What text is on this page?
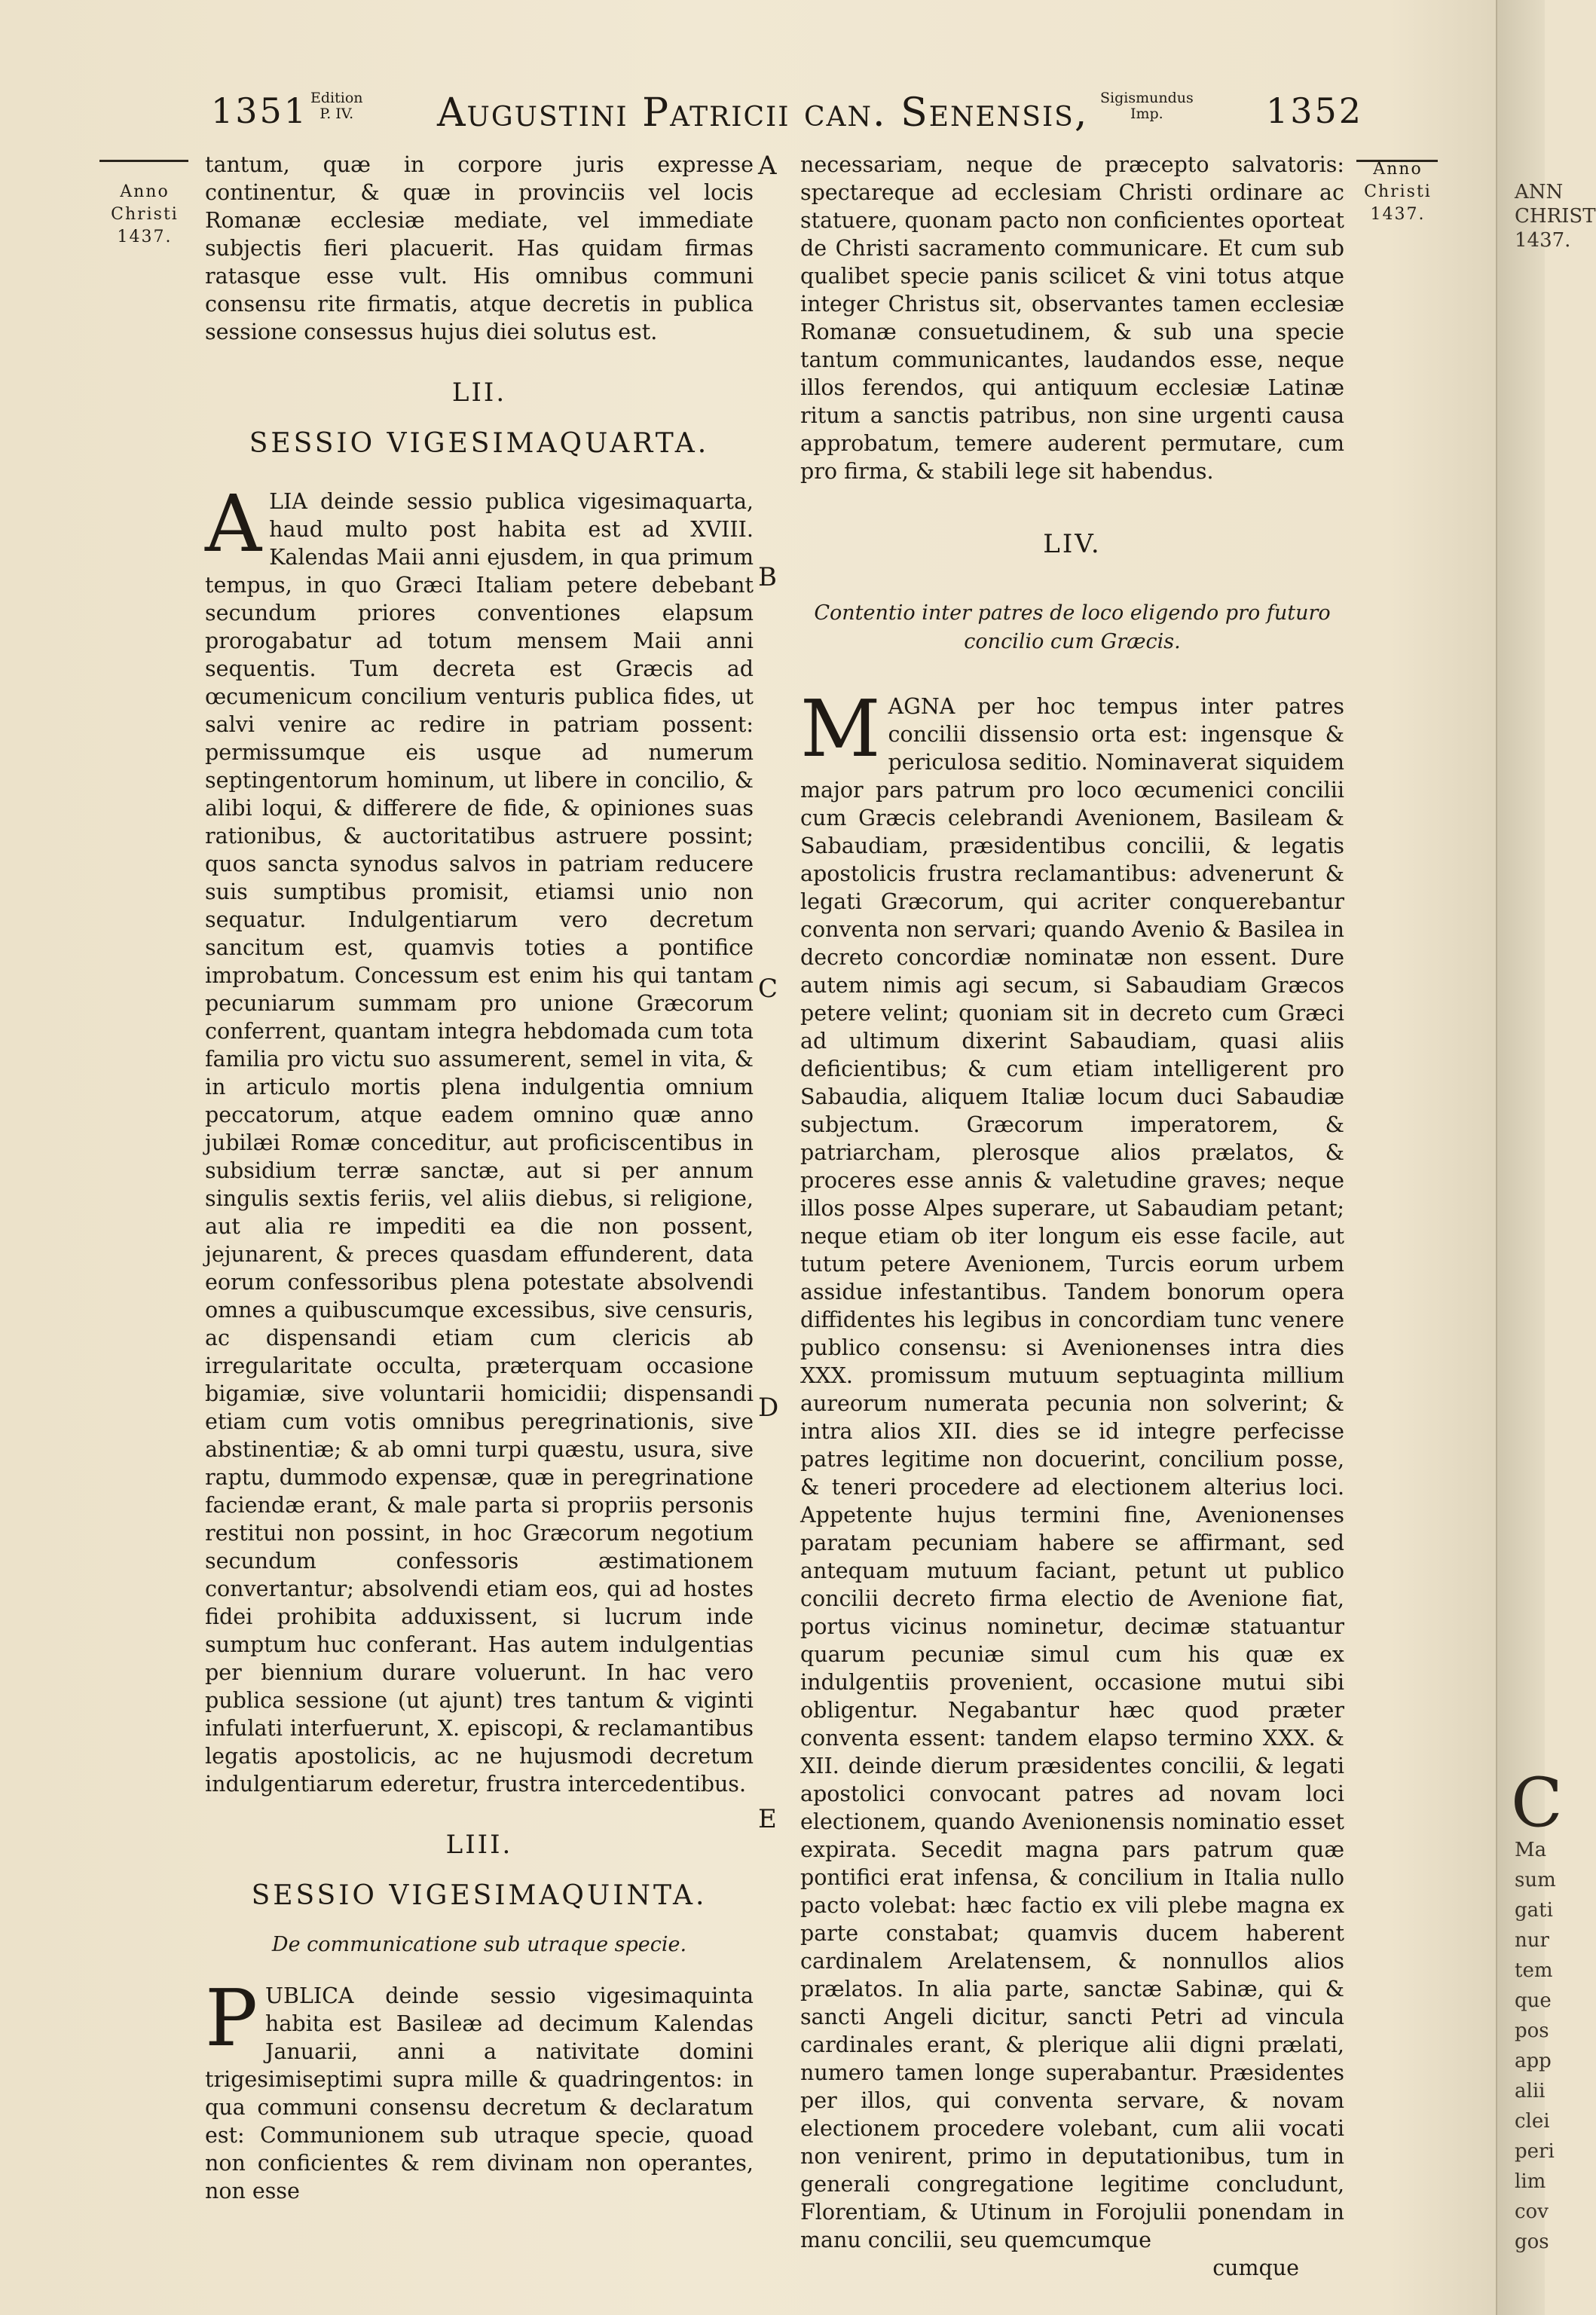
ANN
CHRIST
1437.
C
Ma
sum
gati
nur
tem
que
pos
app
alii
clei
peri
lim
cov
gos
1351 Edition
P. IV. Augustini Patricii can. Senensis, Sigismundus
Imp.	1352
Anno
Christi
1437.
Anno
Christi
1437.
A
B
C
D
E

tantum, quæ in corpore juris expresse continentur, & quæ in provinciis vel locis Romanæ ecclesiæ mediate, vel immediate subjectis fieri placuerit. Has quidam firmas ratasque esse vult. His omnibus communi consensu rite firmatis, atque decretis in publica sessione consessus hujus diei solutus est.

LII.
SESSIO VIGESIMAQUARTA.

ALIA deinde sessio publica vigesimaquarta, haud multo post habita est ad XVIII. Kalendas Maii anni ejusdem, in qua primum tempus, in quo Græci Italiam petere debebant secundum priores conventiones elapsum prorogabatur ad totum mensem Maii anni sequentis. Tum decreta est Græcis ad œcumenicum concilium venturis publica fides, ut salvi venire ac redire in patriam possent: permissumque eis usque ad numerum septingentorum hominum, ut libere in concilio, & alibi loqui, & differere de fide, & opiniones suas rationibus, & auctoritatibus astruere possint; quos sancta synodus salvos in patriam reducere suis sumptibus promisit, etiamsi unio non sequatur. Indulgentiarum vero decretum sancitum est, quamvis toties a pontifice improbatum. Concessum est enim his qui tantam pecuniarum summam pro unione Græcorum conferrent, quantam integra hebdomada cum tota familia pro victu suo assumerent, semel in vita, & in articulo mortis plena indulgentia omnium peccatorum, atque eadem omnino quæ anno jubilæi Romæ conceditur, aut proficiscentibus in subsidium terræ sanctæ, aut si per annum singulis sextis feriis, vel aliis diebus, si religione, aut alia re impediti ea die non possent, jejunarent, & preces quasdam effunderent, data eorum confessoribus plena potestate absolvendi omnes a quibuscumque excessibus, sive censuris, ac dispensandi etiam cum clericis ab irregularitate occulta, præterquam occasione bigamiæ, sive voluntarii homicidii; dispensandi etiam cum votis omnibus peregrinationis, sive abstinentiæ; & ab omni turpi quæstu, usura, sive raptu, dummodo expensæ, quæ in peregrinatione faciendæ erant, & male parta si propriis personis restitui non possint, in hoc Græcorum negotium secundum confessoris æstimationem convertantur; absolvendi etiam eos, qui ad hostes fidei prohibita adduxissent, si lucrum inde sumptum huc conferant. Has autem indulgentias per biennium durare voluerunt. In hac vero publica sessione (ut ajunt) tres tantum & viginti infulati interfuerunt, X. episcopi, & reclamantibus legatis apostolicis, ac ne hujusmodi decretum indulgentiarum ederetur, frustra intercedentibus.

LIII.
SESSIO VIGESIMAQUINTA.
De communicatione sub utraque specie.

PUBLICA deinde sessio vigesimaquinta habita est Basileæ ad decimum Kalendas Januarii, anni a nativitate domini trigesimiseptimi supra mille & quadringentos: in qua communi consensu decretum & declaratum est: Communionem sub utraque specie, quoad non conficientes & rem divinam non operantes, non esse

necessariam, neque de præcepto salvatoris: spectareque ad ecclesiam Christi ordinare ac statuere, quonam pacto non conficientes oporteat de Christi sacramento communicare. Et cum sub qualibet specie panis scilicet & vini totus atque integer Christus sit, observantes tamen ecclesiæ Romanæ consuetudinem, & sub una specie tantum communicantes, laudandos esse, neque illos ferendos, qui antiquum ecclesiæ Latinæ ritum a sanctis patribus, non sine urgenti causa approbatum, temere auderent permutare, cum pro firma, & stabili lege sit habendus.

LIV.
Contentio inter patres de loco eligendo pro futuro concilio cum Græcis.

MAGNA per hoc tempus inter patres concilii dissensio orta est: ingensque & periculosa seditio. Nominaverat siquidem major pars patrum pro loco œcumenici concilii cum Græcis celebrandi Avenionem, Basileam & Sabaudiam, præsidentibus concilii, & legatis apostolicis frustra reclamantibus: advenerunt & legati Græcorum, qui acriter conquerebantur conventa non servari; quando Avenio & Basilea in decreto concordiæ nominatæ non essent. Dure autem nimis agi secum, si Sabaudiam Græcos petere velint; quoniam sit in decreto cum Græci ad ultimum dixerint Sabaudiam, quasi aliis deficientibus; & cum etiam intelligerent pro Sabaudia, aliquem Italiæ locum duci Sabaudiæ subjectum. Græcorum imperatorem, & patriarcham, plerosque alios prælatos, & proceres esse annis & valetudine graves; neque illos posse Alpes superare, ut Sabaudiam petant; neque etiam ob iter longum eis esse facile, aut tutum petere Avenionem, Turcis eorum urbem assidue infestantibus. Tandem bonorum opera diffidentes his legibus in concordiam tunc venere publico consensu: si Avenionenses intra dies XXX. promissum mutuum septuaginta millium aureorum numerata pecunia non solverint; & intra alios XII. dies se id integre perfecisse patres legitime non docuerint, concilium posse, & teneri procedere ad electionem alterius loci. Appetente hujus termini fine, Avenionenses paratam pecuniam habere se affirmant, sed antequam mutuum faciant, petunt ut publico concilii decreto firma electio de Avenione fiat, portus vicinus nominetur, decimæ statuantur quarum pecuniæ simul cum his quæ ex indulgentiis provenient, occasione mutui sibi obligentur. Negabantur hæc quod præter conventa essent: tandem elapso termino XXX. & XII. deinde dierum præsidentes concilii, & legati apostolici convocant patres ad novam loci electionem, quando Avenionensis nominatio esset expirata. Secedit magna pars patrum quæ pontifici erat infensa, & concilium in Italia nullo pacto volebat: hæc factio ex vili plebe magna ex parte constabat; quamvis ducem haberent cardinalem Arelatensem, & nonnullos alios prælatos. In alia parte, sanctæ Sabinæ, qui & sancti Angeli dicitur, sancti Petri ad vincula cardinales erant, & plerique alii digni prælati, numero tamen longe superabantur. Præsidentes per illos, qui conventa servare, & novam electionem procedere volebant, cum alii vocati non venirent, primo in deputationibus, tum in generali congregatione legitime concludunt, Florentiam, & Utinum in Forojulii ponendam in manu concilii, seu quemcumque

cumque
